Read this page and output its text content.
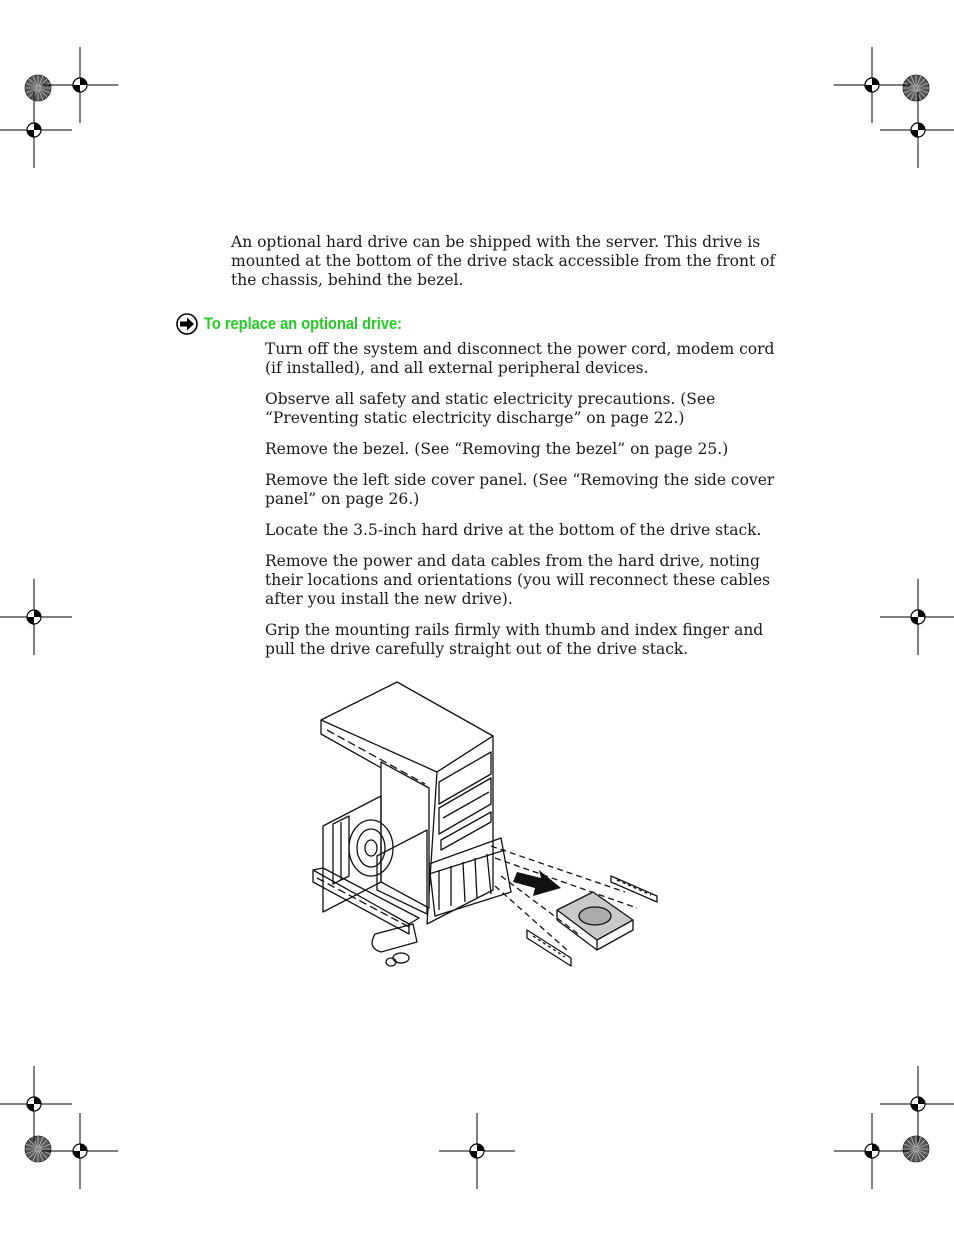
An optional hard drive can be shipped with the server. This drive is mounted at the bottom of the drive stack accessible from the front of the chassis, behind the bezel.

To replace an optional drive:
Turn off the system and disconnect the power cord, modem cord (if installed), and all external peripheral devices.
Observe all safety and static electricity precautions. (See “Preventing static electricity discharge” on page 22.)
Remove the bezel. (See “Removing the bezel” on page 25.)
Remove the left side cover panel. (See “Removing the side cover panel” on page 26.)
Locate the 3.5-inch hard drive at the bottom of the drive stack.
Remove the power and data cables from the hard drive, noting their locations and orientations (you will reconnect these cables after you install the new drive).
Grip the mounting rails firmly with thumb and index finger and pull the drive carefully straight out of the drive stack.
